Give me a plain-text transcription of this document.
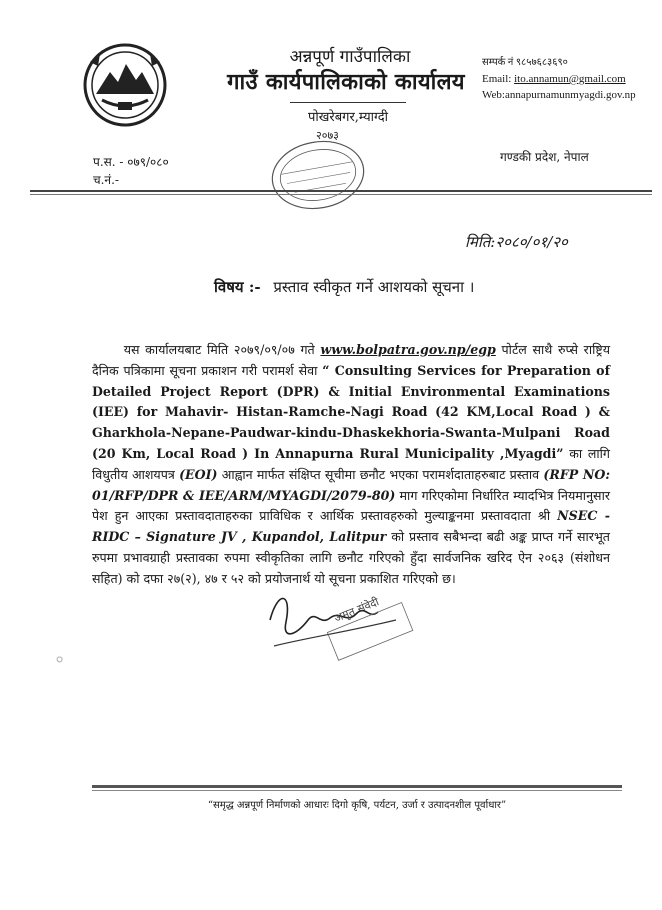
अन्नपूर्ण गाउँपालिका
गाउँ कार्यपालिकाको कार्यालय
पोखरेबगर,म्याग्दी
सम्पर्क नं ९८५७६८३६९०
Email: ito.annamun@gmail.com
Web:annapurnamunmyagdi.gov.np
प.स. - ०७९/०८०
च.नं.-
२०७३
गण्डकी प्रदेश, नेपाल
मिति:२०८०/०१/२०
विषय :- प्रस्ताव स्वीकृत गर्ने आशयको सूचना ।

यस कार्यालयबाट मिति २०७९/०९/०७ गते www.bolpatra.gov.np/egp पोर्टल साथै रुप्से राष्ट्रिय दैनिक पत्रिकामा सूचना प्रकाशन गरी परामर्श सेवा “ Consulting Services for Preparation of Detailed Project Report (DPR) & Initial Environmental Examinations (IEE) for Mahavir- Histan-Ramche-Nagi Road (42 KM,Local Road ) & Gharkhola-Nepane-Paudwar-kindu-Dhaskekhoria-Swanta-Mulpani Road (20 Km, Local Road ) In Annapurna Rural Municipality ,Myagdi” का लागि विधुतीय आशयपत्र (EOI) आह्वान मार्फत संक्षिप्त सूचीमा छनौट भएका परामर्शदाताहरुबाट प्रस्ताव (RFP NO: 01/RFP/DPR & IEE/ARM/MYAGDI/2079-80) माग गरिएकोमा निर्धारित म्यादभित्र नियमानुसार पेश हुन आएका प्रस्तावदाताहरुका प्राविधिक र आर्थिक प्रस्तावहरुको मुल्याङ्कनमा प्रस्तावदाता श्री NSEC - RIDC – Signature JV , Kupandol, Lalitpur को प्रस्ताव सबैभन्दा बढी अङ्क प्राप्त गर्ने सारभूत रुपमा प्रभावग्राही प्रस्तावका रुपमा स्वीकृतिका लागि छनौट गरिएको हुँदा सार्वजनिक खरिद ऐन २०६३ (संशोधन सहित) को दफा २७(२), ४७ र ५२ को प्रयोजनार्थ यो सूचना प्रकाशित गरिएको छ।

अमृत संवेदी
⸰
“समृद्ध अन्नपूर्ण निर्माणको आधारः दिगो कृषि, पर्यटन, उर्जा र उत्पादनशील पूर्वाधार”
